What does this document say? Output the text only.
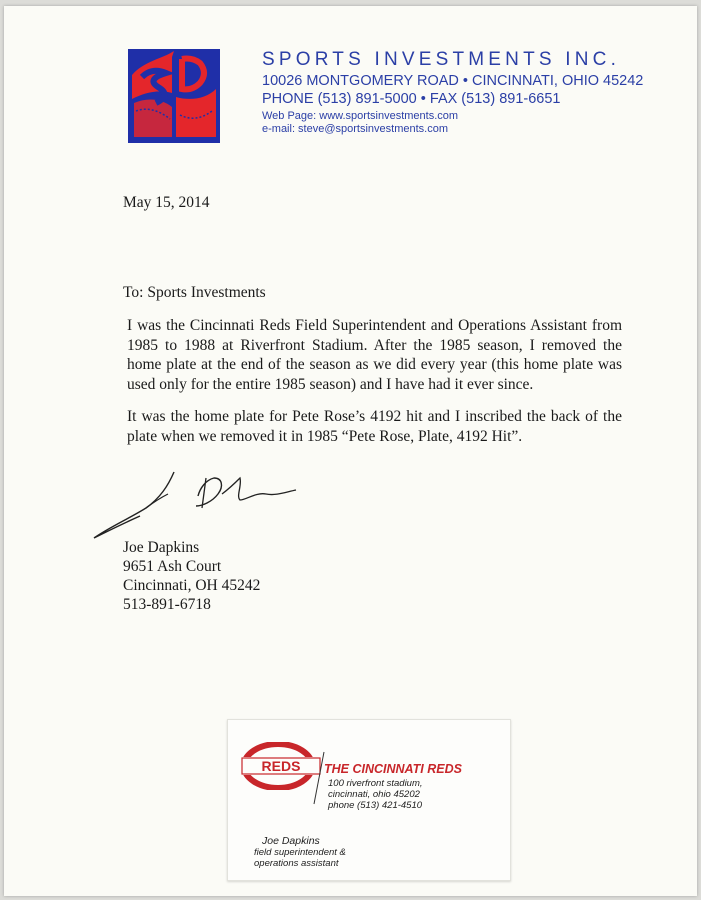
SPORTS INVESTMENTS INC.
10026 MONTGOMERY ROAD • CINCINNATI, OHIO 45242
PHONE (513) 891-5000 • FAX (513) 891-6651
Web Page: www.sportsinvestments.com
e-mail: steve@sportsinvestments.com
May 15, 2014
To: Sports Investments

I was the Cincinnati Reds Field Superintendent and Operations Assistant from 1985 to 1988 at Riverfront Stadium. After the 1985 season, I removed the home plate at the end of the season as we did every year (this home plate was used only for the entire 1985 season) and I have had it ever since.

It was the home plate for Pete Rose’s 4192 hit and I inscribed the back of the plate when we removed it in 1985 “Pete Rose, Plate, 4192 Hit”.

Joe Dapkins
9651 Ash Court
Cincinnati, OH 45242
513-891-6718
REDS THE CINCINNATI REDS
100 riverfront stadium,
cincinnati, ohio 45202
phone (513) 421-4510
Joe Dapkins
field superintendent &
operations assistant
